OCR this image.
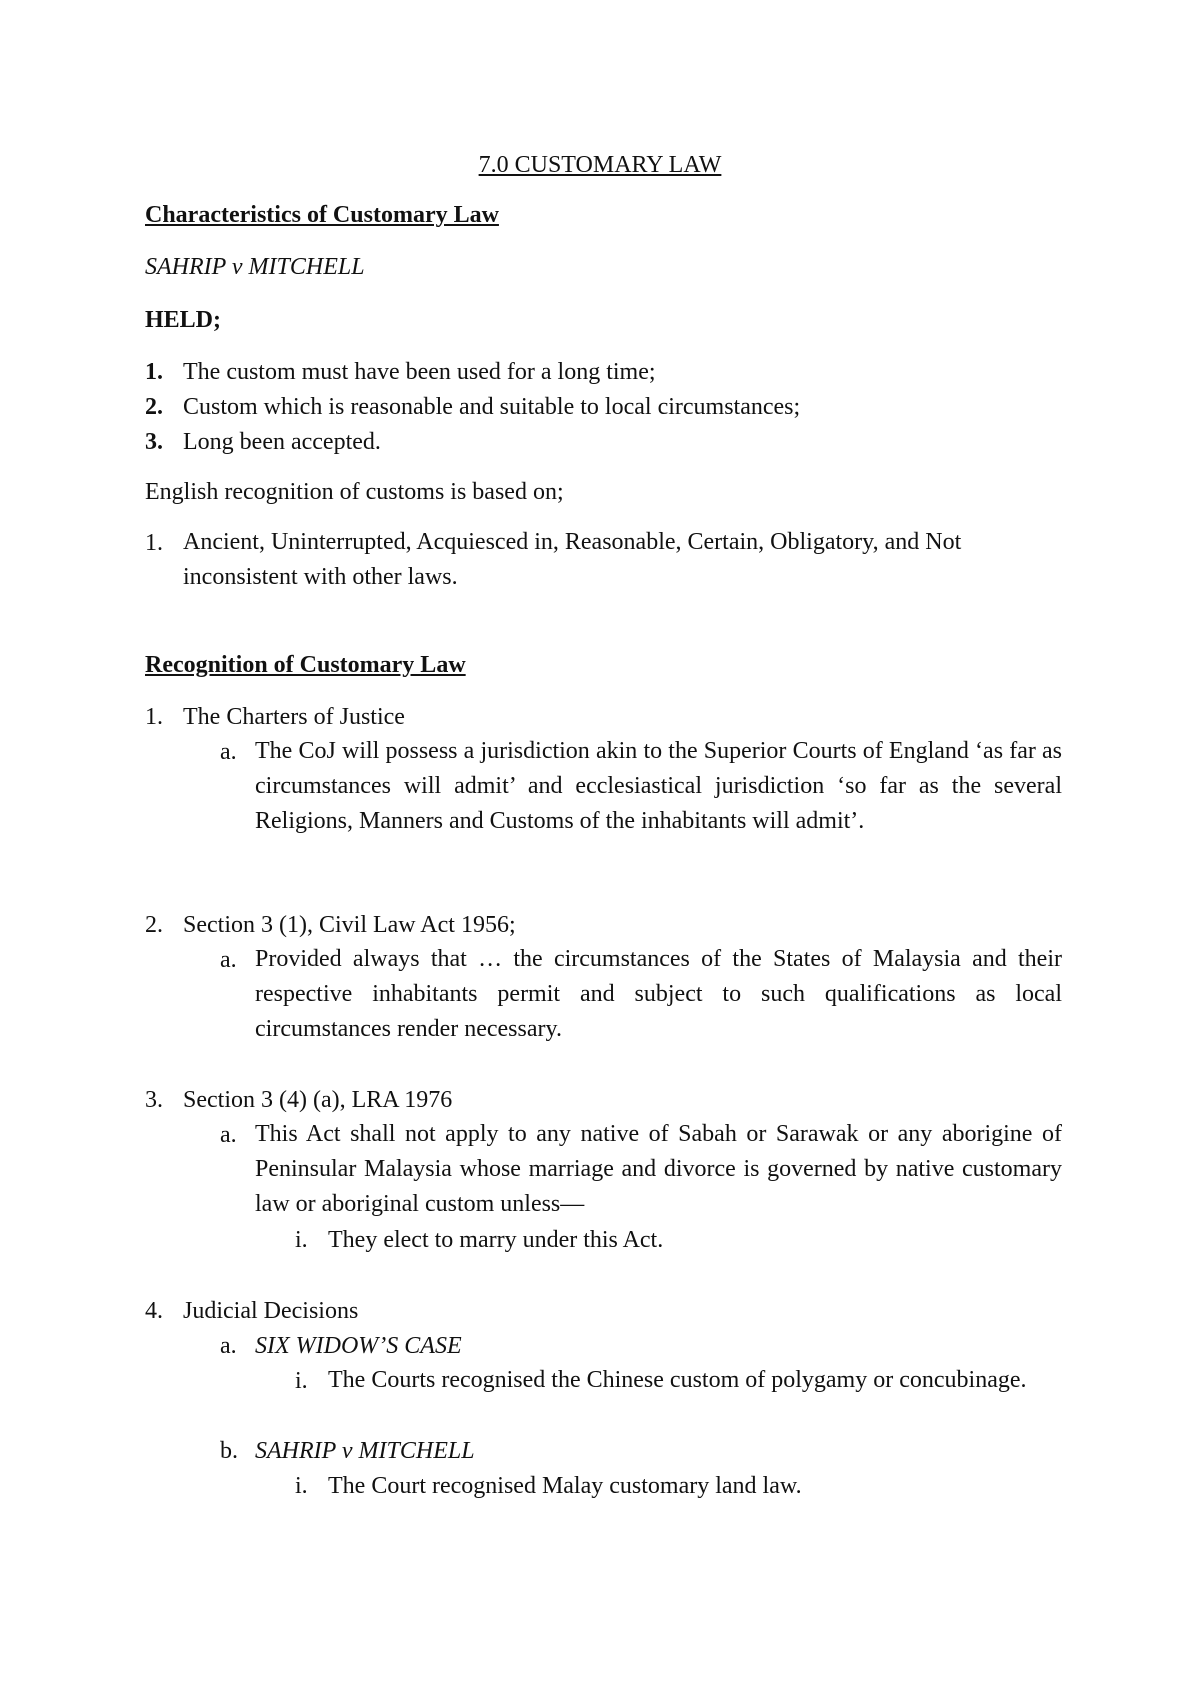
7.0 CUSTOMARY LAW
Characteristics of Customary Law
SAHRIP v MITCHELL
HELD;
1. The custom must have been used for a long time;
2. Custom which is reasonable and suitable to local circumstances;
3. Long been accepted.
English recognition of customs is based on;
1. Ancient, Uninterrupted, Acquiesced in, Reasonable, Certain, Obligatory, and Not inconsistent with other laws.
Recognition of Customary Law
1. The Charters of Justice
a. The CoJ will possess a jurisdiction akin to the Superior Courts of England ‘as far as circumstances will admit’ and ecclesiastical jurisdiction ‘so far as the several Religions, Manners and Customs of the inhabitants will admit’.
2. Section 3 (1), Civil Law Act 1956;
a. Provided always that … the circumstances of the States of Malaysia and their respective inhabitants permit and subject to such qualifications as local circumstances render necessary.
3. Section 3 (4) (a), LRA 1976
a. This Act shall not apply to any native of Sabah or Sarawak or any aborigine of Peninsular Malaysia whose marriage and divorce is governed by native customary law or aboriginal custom unless—
i. They elect to marry under this Act.
4. Judicial Decisions
a. SIX WIDOW’S CASE
i. The Courts recognised the Chinese custom of polygamy or concubinage.
b. SAHRIP v MITCHELL
i. The Court recognised Malay customary land law.
